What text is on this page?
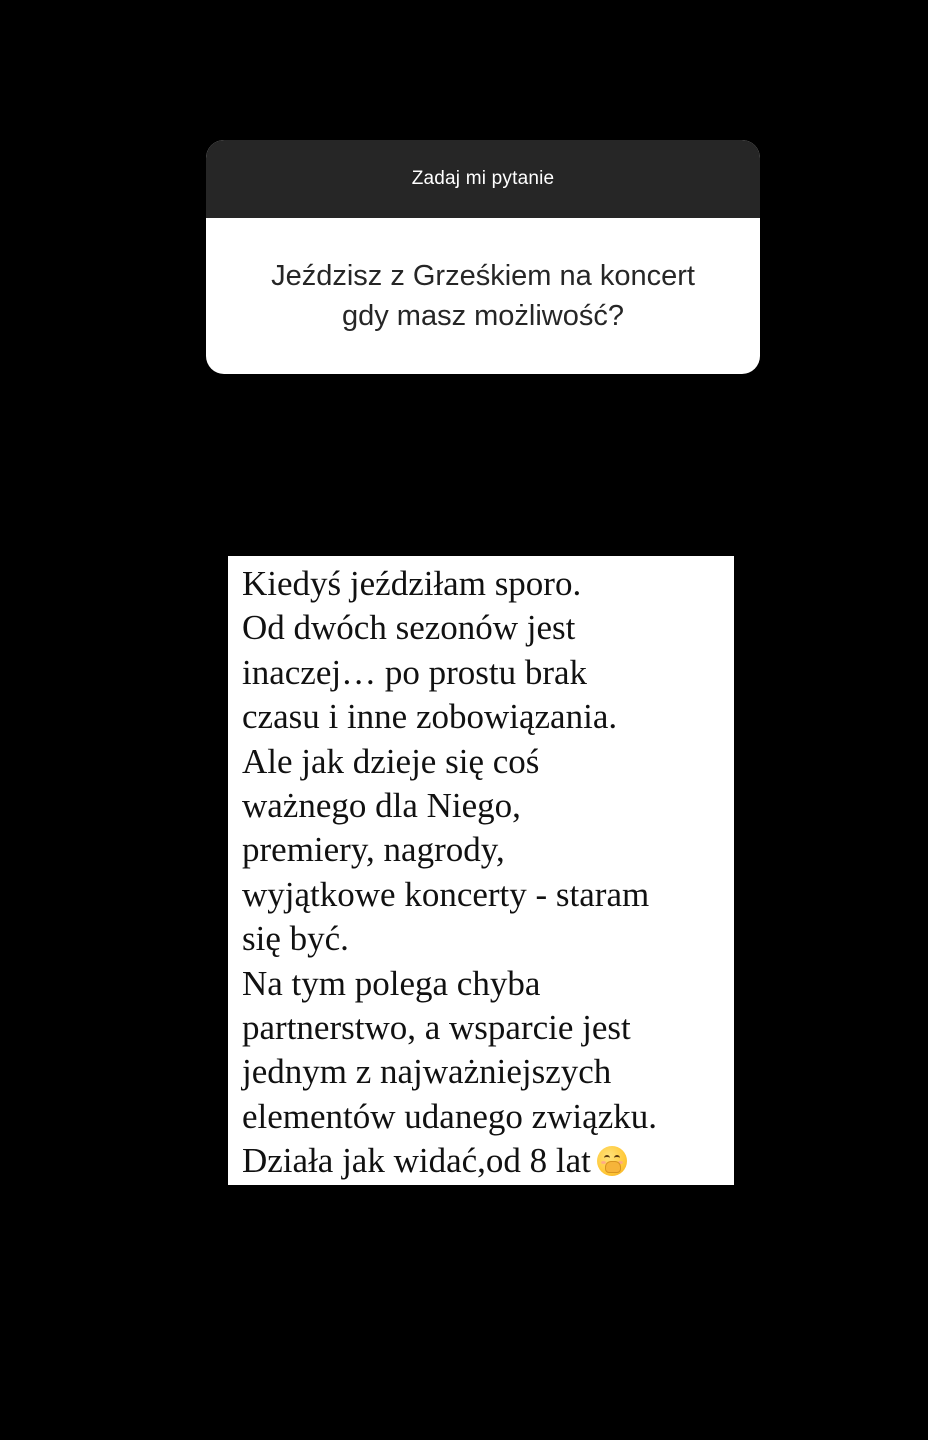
Zadaj mi pytanie
Jeździsz z Grześkiem na koncert
gdy masz możliwość?
Kiedyś jeździłam sporo.
Od dwóch sezonów jest
inaczej… po prostu brak
czasu i inne zobowiązania.
Ale jak dzieje się coś
ważnego dla Niego,
premiery, nagrody,
wyjątkowe koncerty - staram
się być.
Na tym polega chyba
partnerstwo, a wsparcie jest
jednym z najważniejszych
elementów udanego związku.
Działa jak widać,od 8 lat
